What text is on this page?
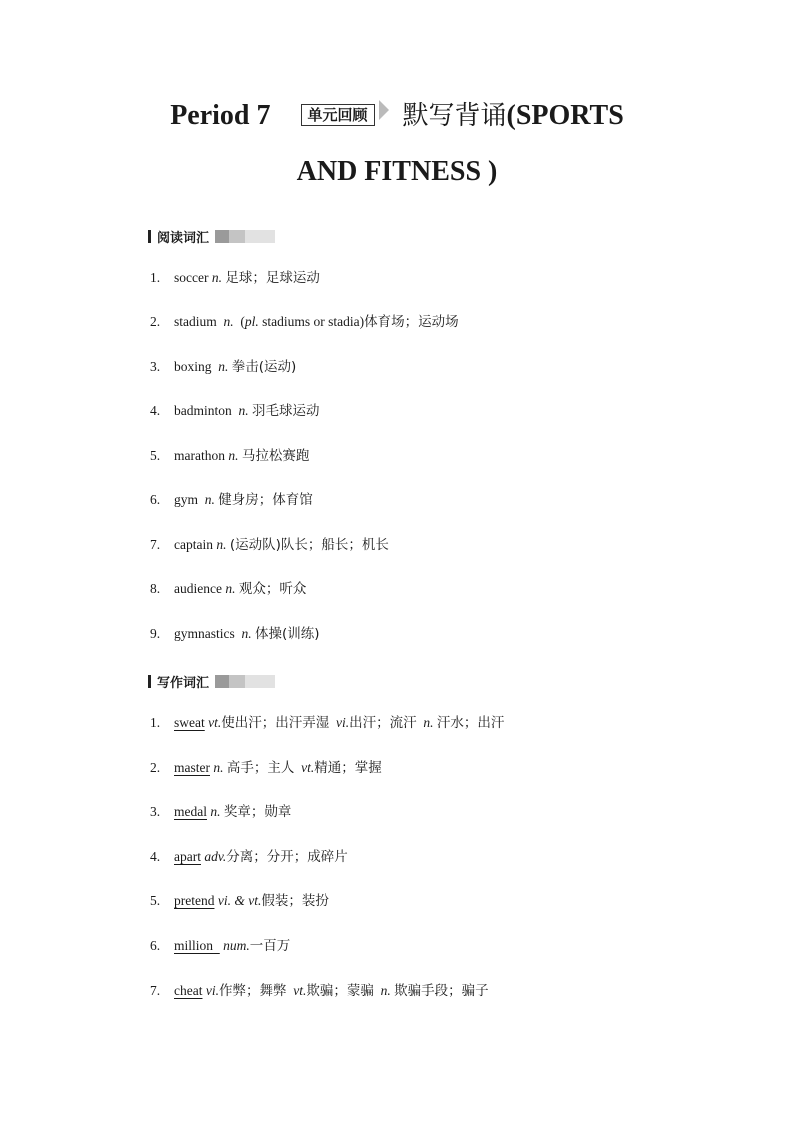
Period 7 单元回顾 默写背诵(SPORTS
AND FITNESS )
阅读词汇
1. soccer n. 足球；足球运动
2. stadium n. (pl. stadiums or stadia)体育场；运动场
3. boxing n. 拳击(运动)
4. badminton n. 羽毛球运动
5. marathon n. 马拉松赛跑
6. gym n. 健身房；体育馆
7. captain n. (运动队)队长；船长；机长
8. audience n. 观众；听众
9. gymnastics n. 体操(训练)
写作词汇
1. sweat vt.使出汗；出汗弄湿 vi.出汗；流汗 n. 汗水；出汗
2. master n. 高手；主人 vt.精通；掌握
3. medal n. 奖章；勋章
4. apart adv.分离；分开；成碎片
5. pretend vi. & vt.假装；装扮
6. million num.一百万
7. cheat vi.作弊；舞弊 vt.欺骗；蒙骗 n. 欺骗手段；骗子
